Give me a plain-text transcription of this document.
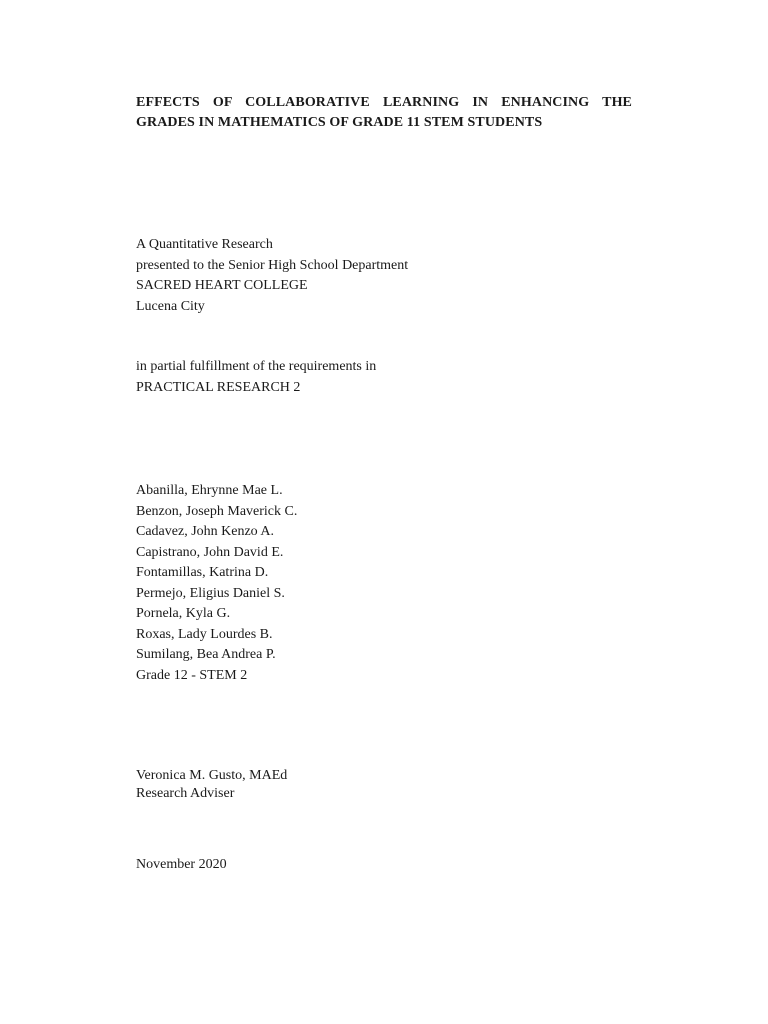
EFFECTS OF COLLABORATIVE LEARNING IN ENHANCING THE
GRADES IN MATHEMATICS OF GRADE 11 STEM STUDENTS
A Quantitative Research
presented to the Senior High School Department
SACRED HEART COLLEGE
Lucena City
in partial fulfillment of the requirements in
PRACTICAL RESEARCH 2
Abanilla, Ehrynne Mae L.
Benzon, Joseph Maverick C.
Cadavez, John Kenzo A.
Capistrano, John David E.
Fontamillas, Katrina D.
Permejo, Eligius Daniel S.
Pornela, Kyla G.
Roxas, Lady Lourdes B.
Sumilang, Bea Andrea P.
Grade 12 - STEM 2
Veronica M. Gusto, MAEd
Research Adviser
November 2020
